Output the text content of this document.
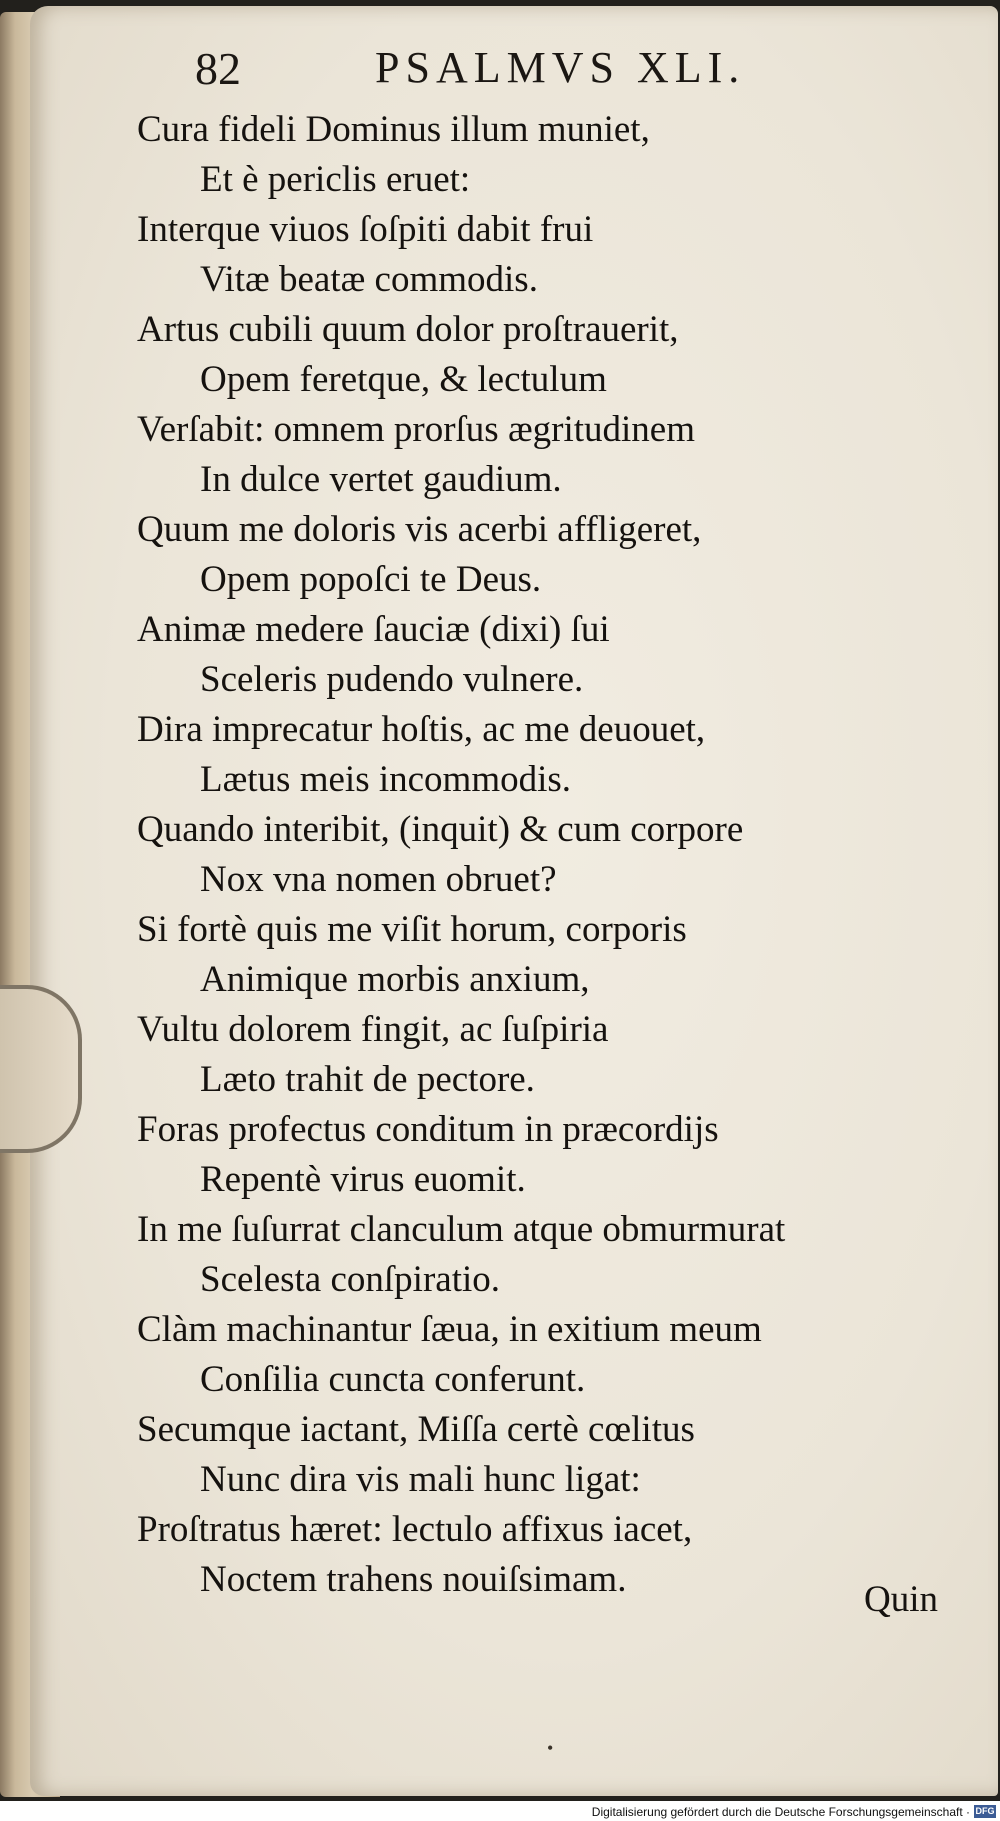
82	PSALMVS XLI.
Cura fideli Dominus illum muniet,
Et è periclis eruet:
Interque viuos ſoſpiti dabit frui
Vitæ beatæ commodis.
Artus cubili quum dolor proſtrauerit,
Opem feretque, & lectulum
Verſabit: omnem prorſus ægritudinem
In dulce vertet gaudium.
Quum me doloris vis acerbi affligeret,
Opem popoſci te Deus.
Animæ medere ſauciæ (dixi) ſui
Sceleris pudendo vulnere.
Dira imprecatur hoſtis, ac me deuouet,
Lætus meis incommodis.
Quando interibit, (inquit) & cum corpore
Nox vna nomen obruet?
Si fortè quis me viſit horum, corporis
Animique morbis anxium,
Vultu dolorem fingit, ac ſuſpiria
Læto trahit de pectore.
Foras profectus conditum in præcordijs
Repentè virus euomit.
In me ſuſurrat clanculum atque obmurmurat
Scelesta conſpiratio.
Clàm machinantur ſæua, in exitium meum
Conſilia cuncta conferunt.
Secumque iactant, Miſſa certè cœlitus
Nunc dira vis mali hunc ligat:
Proſtratus hæret: lectulo affixus iacet,
Noctem trahens nouiſsimam.	Quin
•
Digitalisierung gefördert durch die Deutsche Forschungsgemeinschaft · DFG
